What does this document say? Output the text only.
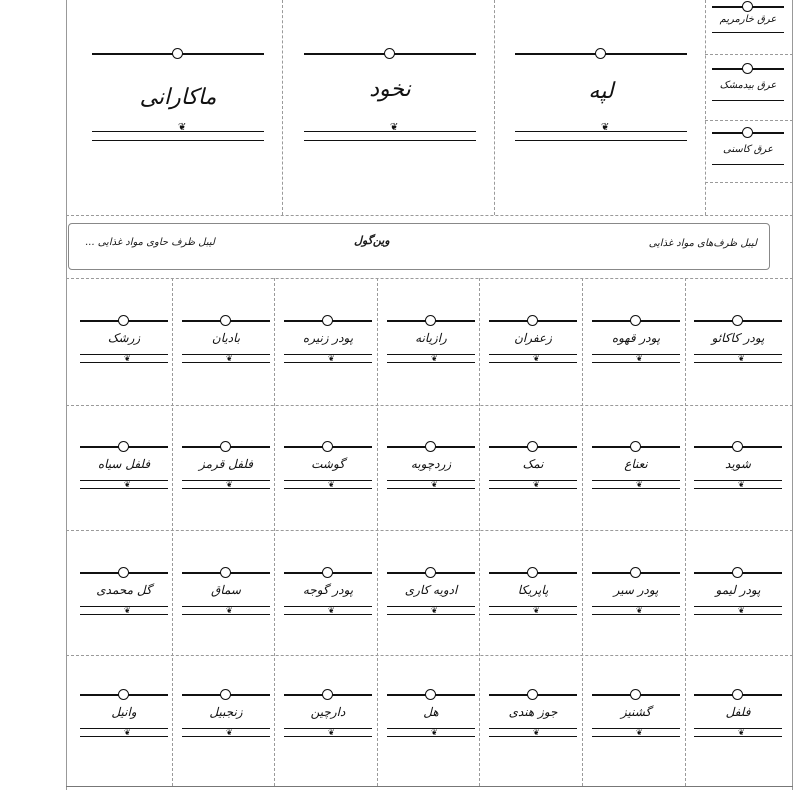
ماکارانی
❦
نخود
❦
لپه
❦
عرق خارمریم
عرق بیدمشک
عرق کاسنی
... لیبل ظرف حاوی مواد غذایی	وین‌گول	لیبل ظرف‌های مواد غذایی
زرشک
❦
بادیان
❦
پودر زنیره
❦
رازیانه
❦
زعفران
❦
پودر قهوه
❦
پودر کاکائو
❦
فلفل سیاه
❦
فلفل قرمز
❦
گوشت
❦
زردچوبه
❦
نمک
❦
نعناع
❦
شوید
❦
گل محمدی
❦
سماق
❦
پودر گوجه
❦
ادویه کاری
❦
پاپریکا
❦
پودر سیر
❦
پودر لیمو
❦
وانیل
❦
زنجبیل
❦
دارچین
❦
هل
❦
جوز هندی
❦
گشنیز
❦
فلفل
❦
